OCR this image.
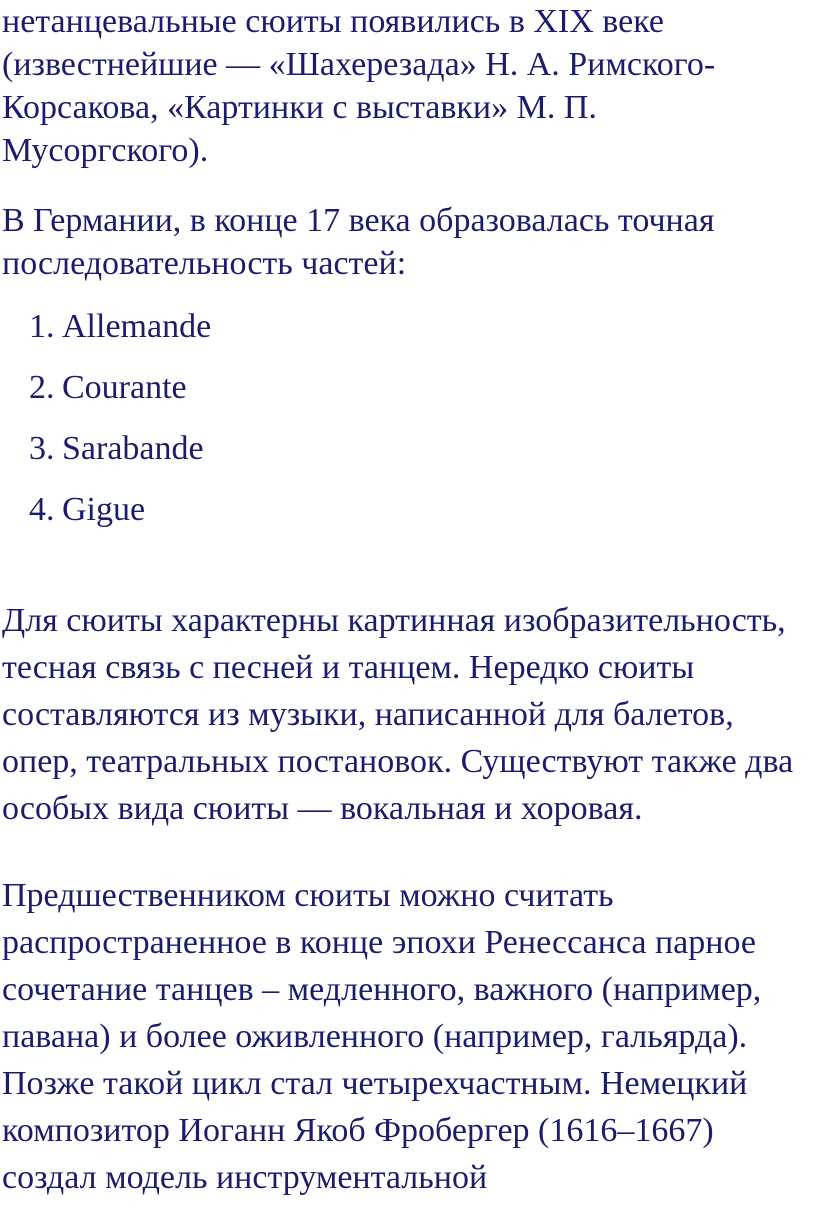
нетанцевальные сюиты появились в XIX веке
(известнейшие — «Шахерезада» Н. А. Римского-
Корсакова, «Картинки с выставки» М. П.
Мусоргского).
В Германии, в конце 17 века образовалась точная
последовательность частей:
1. Allemande
2. Courante
3. Sarabande
4. Gigue
Для сюиты характерны картинная изобразительность,
тесная связь с песней и танцем. Нередко сюиты
составляются из музыки, написанной для балетов,
опер, театральных постановок. Существуют также два
особых вида сюиты — вокальная и хоровая.
Предшественником сюиты можно считать
распространенное в конце эпохи Ренессанса парное
сочетание танцев – медленного, важного (например,
павана) и более оживленного (например, гальярда).
Позже такой цикл стал четырехчастным. Немецкий
композитор Иоганн Якоб Фробергер (1616–1667)
создал модель инструментальной
